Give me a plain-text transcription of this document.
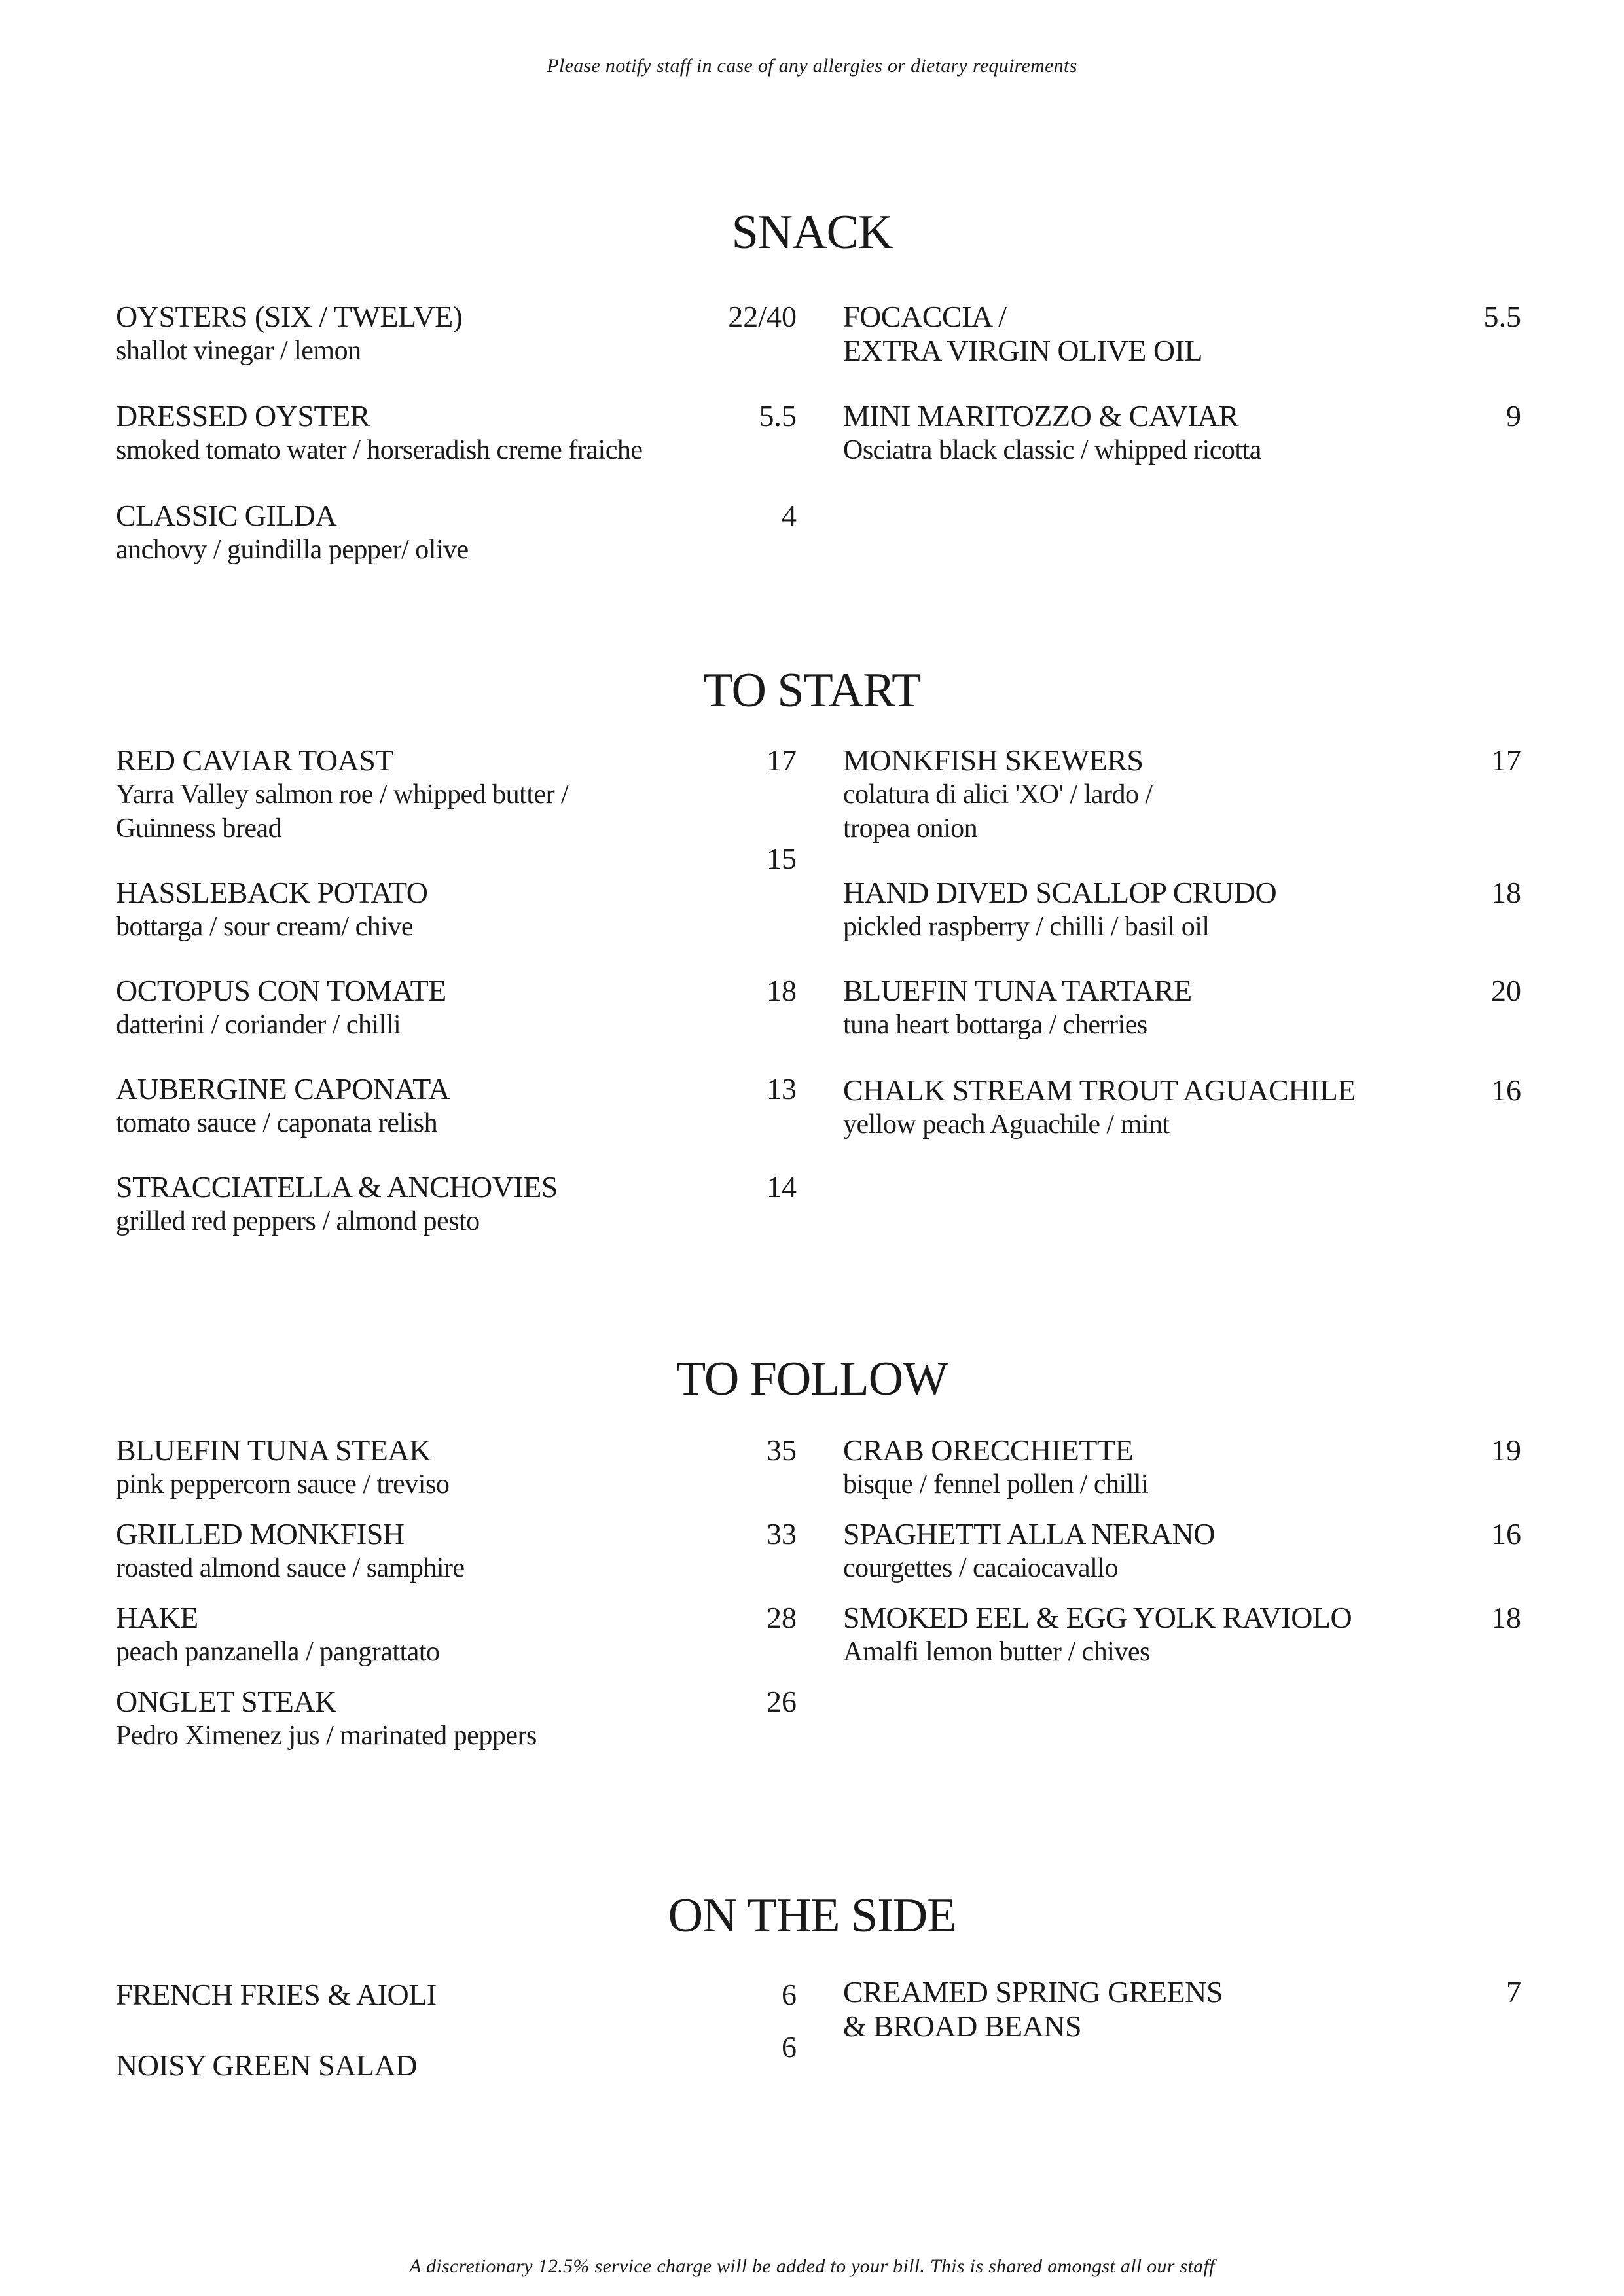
Please notify staff in case of any allergies or dietary requirements
SNACK
OYSTERS (SIX / TWELVE)
shallot vinegar / lemon
22/40
DRESSED OYSTER
smoked tomato water / horseradish creme fraiche
5.5
CLASSIC GILDA
anchovy / guindilla pepper/ olive
4
FOCACCIA /
EXTRA VIRGIN OLIVE OIL
5.5
MINI MARITOZZO & CAVIAR
Osciatra black classic / whipped ricotta
9
TO START
RED CAVIAR TOAST
Yarra Valley salmon roe / whipped butter /
Guinness bread
17
15
HASSLEBACK POTATO
bottarga / sour cream/ chive
OCTOPUS CON TOMATE
datterini / coriander / chilli
18
AUBERGINE CAPONATA
tomato sauce / caponata relish
13
STRACCIATELLA & ANCHOVIES
grilled red peppers / almond pesto
14
MONKFISH SKEWERS
colatura di alici 'XO' / lardo /
tropea onion
17
HAND DIVED SCALLOP CRUDO
pickled raspberry / chilli / basil oil
18
BLUEFIN TUNA TARTARE
tuna heart bottarga / cherries
20
CHALK STREAM TROUT AGUACHILE
yellow peach Aguachile / mint
16
TO FOLLOW
BLUEFIN TUNA STEAK
pink peppercorn sauce / treviso
35
GRILLED MONKFISH
roasted almond sauce / samphire
33
HAKE
peach panzanella / pangrattato
28
ONGLET STEAK
Pedro Ximenez jus / marinated peppers
26
CRAB ORECCHIETTE
bisque / fennel pollen / chilli
19
SPAGHETTI ALLA NERANO
courgettes / cacaiocavallo
16
SMOKED EEL & EGG YOLK RAVIOLO
Amalfi lemon butter / chives
18
ON THE SIDE
FRENCH FRIES & AIOLI	6
6
NOISY GREEN SALAD
CREAMED SPRING GREENS
& BROAD BEANS
7
A discretionary 12.5% service charge will be added to your bill. This is shared amongst all our staff
